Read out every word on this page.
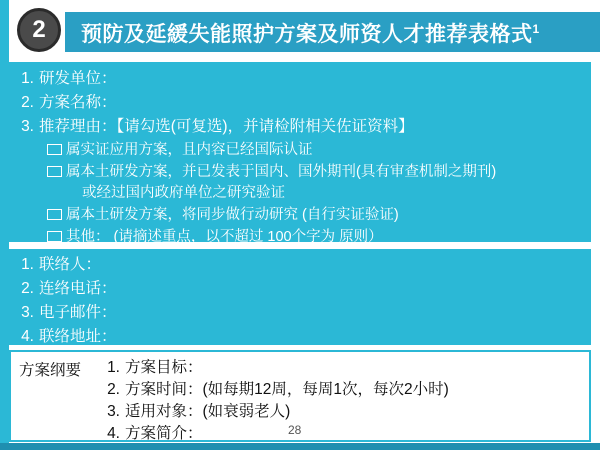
2	预防及延緩失能照护方案及师资人才推荐表格式$^1$
1. 研发单位：
2. 方案名称：
3. 推荐理由：【请勾选(可复选)，并请检附相关佐证资料】
属实证应用方案，且内容已经国际认证
属本土研发方案，并已发表于国内、国外期刊(具有审查机制之期刊)
或经过国内政府单位之研究验证
属本土研发方案，将同步做行动研究 (自行实证验证)
其他： (请摘述重点，以不超过 100个字为 原则）
1. 联络人：
2. 连络电话：
3. 电子邮件：
4. 联络地址：
方案纲要	1. 方案目标：
2. 方案时间：(如每期12周，每周1次，每次2小时)
3. 适用对象：(如衰弱老人)
4. 方案简介：	28
